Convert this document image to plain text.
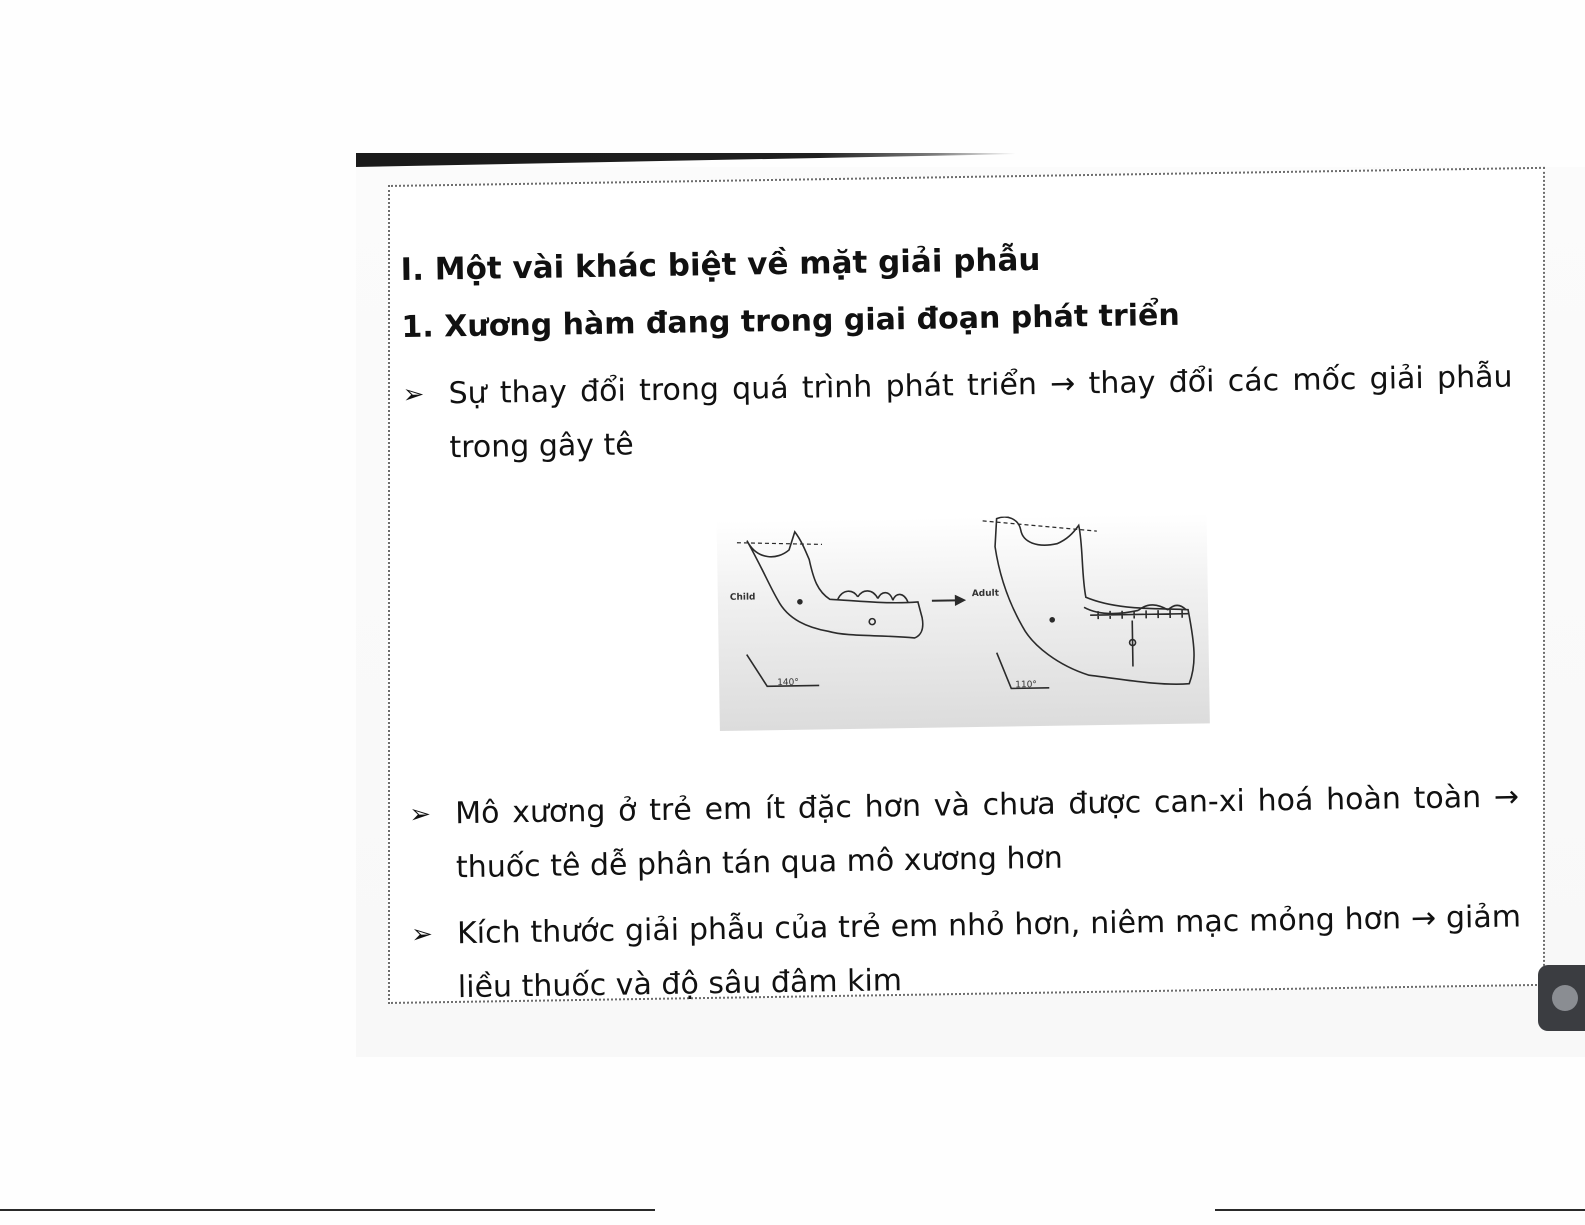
I. Một vài khác biệt về mặt giải phẫu
1. Xương hàm đang trong giai đoạn phát triển

➢ Sự thay đổi trong quá trình phát triển → thay đổi các mốc giải phẫu trong gây tê

Child	Adult
140°	110°

➢ Mô xương ở trẻ em ít đặc hơn và chưa được can-xi hoá hoàn toàn → thuốc tê dễ phân tán qua mô xương hơn

➢ Kích thước giải phẫu của trẻ em nhỏ hơn, niêm mạc mỏng hơn → giảm liều thuốc và độ sâu đâm kim
